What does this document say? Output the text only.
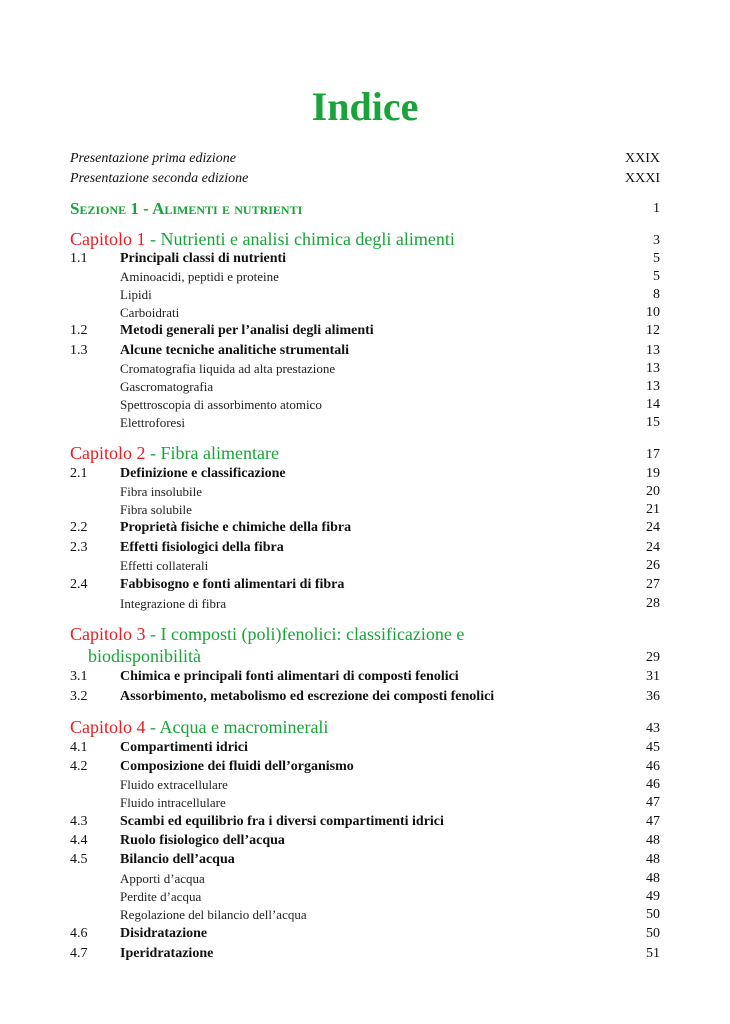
Indice
Presentazione prima edizione	XXIX
Presentazione seconda edizione	XXXI
Sezione 1 - Alimenti e nutrienti	1
Capitolo 1 - Nutrienti e analisi chimica degli alimenti	3
1.1 Principali classi di nutrienti	5
Aminoacidi, peptidi e proteine	5
Lipidi	8
Carboidrati	10
1.2 Metodi generali per l’analisi degli alimenti	12
1.3 Alcune tecniche analitiche strumentali	13
Cromatografia liquida ad alta prestazione	13
Gascromatografia	13
Spettroscopia di assorbimento atomico	14
Elettroforesi	15
Capitolo 2 - Fibra alimentare	17
2.1 Definizione e classificazione	19
Fibra insolubile	20
Fibra solubile	21
2.2 Proprietà fisiche e chimiche della fibra	24
2.3 Effetti fisiologici della fibra	24
Effetti collaterali	26
2.4 Fabbisogno e fonti alimentari di fibra	27
Integrazione di fibra	28
Capitolo 3 - I composti (poli)fenolici: classificazione e
biodisponibilità	29
3.1 Chimica e principali fonti alimentari di composti fenolici	31
3.2 Assorbimento, metabolismo ed escrezione dei composti fenolici	36
Capitolo 4 - Acqua e macrominerali	43
4.1 Compartimenti idrici	45
4.2 Composizione dei fluidi dell’organismo	46
Fluido extracellulare	46
Fluido intracellulare	47
4.3 Scambi ed equilibrio fra i diversi compartimenti idrici	47
4.4 Ruolo fisiologico dell’acqua	48
4.5 Bilancio dell’acqua	48
Apporti d’acqua	48
Perdite d’acqua	49
Regolazione del bilancio dell’acqua	50
4.6 Disidratazione	50
4.7 Iperidratazione	51
